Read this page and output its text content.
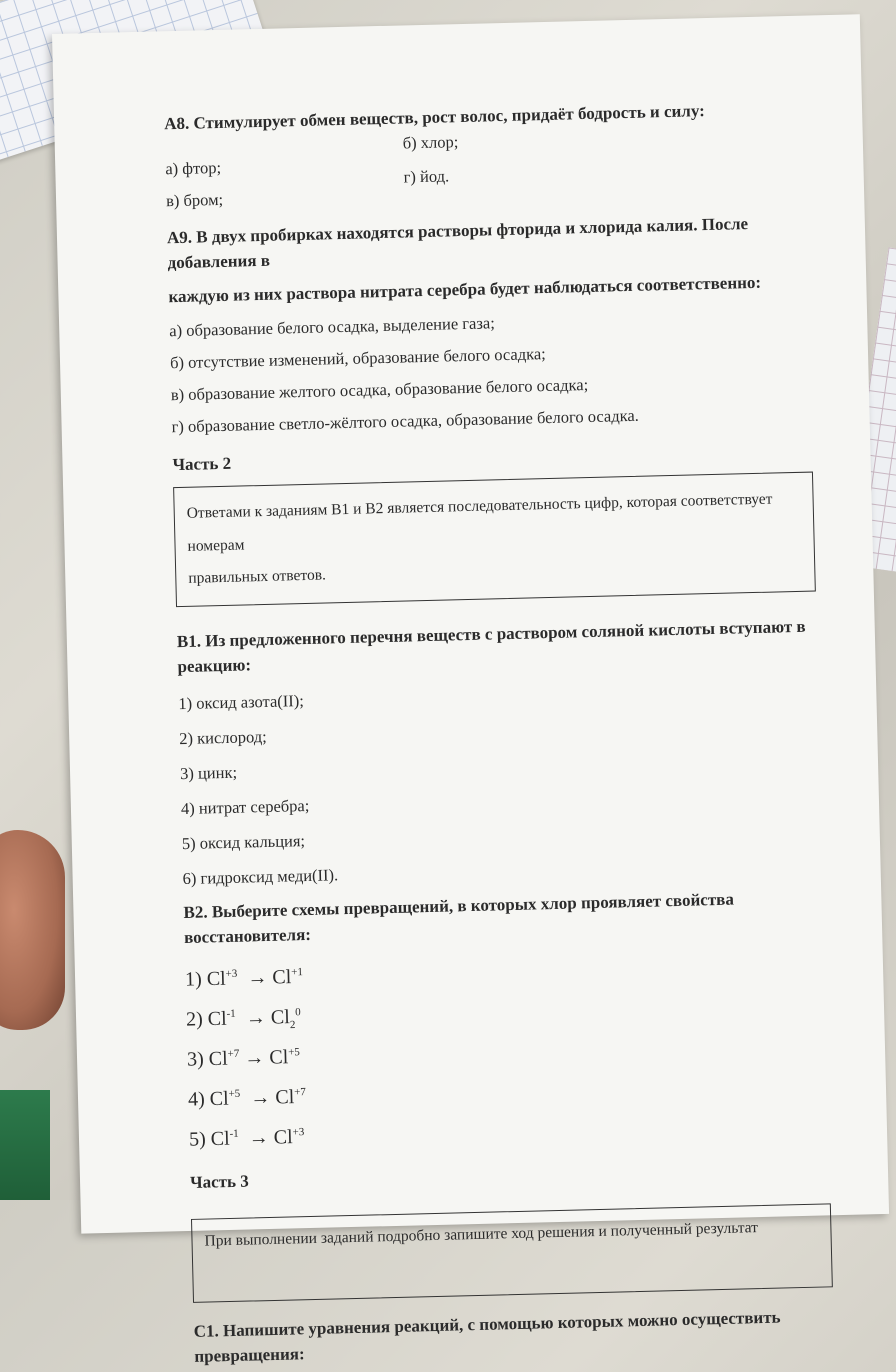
А8. Стимулирует обмен веществ, рост волос, придаёт бодрость и силу:

а) фтор;
б) хлор;
в) бром;
г) йод.

А9. В двух пробирках находятся растворы фторида и хлорида калия. После добавления в

каждую из них раствора нитрата серебра будет наблюдаться соответственно:

а) образование белого осадка, выделение газа;

б) отсутствие изменений, образование белого осадка;

в) образование желтого осадка, образование белого осадка;

г) образование светло-жёлтого осадка, образование белого осадка.

Часть 2

Ответами к заданиям В1 и В2 является последовательность цифр, которая соответствует номерам
правильных ответов.

В1. Из предложенного перечня веществ с раствором соляной кислоты вступают в реакцию:

1) оксид азота(II);
2) кислород;
3) цинк;
4) нитрат серебра;
5) оксид кальция;
6) гидроксид меди(II).

В2. Выберите схемы превращений, в которых хлор проявляет свойства восстановителя:

1) $Cl^{+3} \to Cl^{+1}$
2) $Cl^{-1} \to Cl_2^0$
3) $Cl^{+7} \to Cl^{+5}$
4) $Cl^{+5} \to Cl^{+7}$
5) $Cl^{-1} \to Cl^{+3}$

Часть 3

При выполнении заданий подробно запишите ход решения и полученный результат

С1. Напишите уравнения реакций, с помощью которых можно осуществить превращения:
